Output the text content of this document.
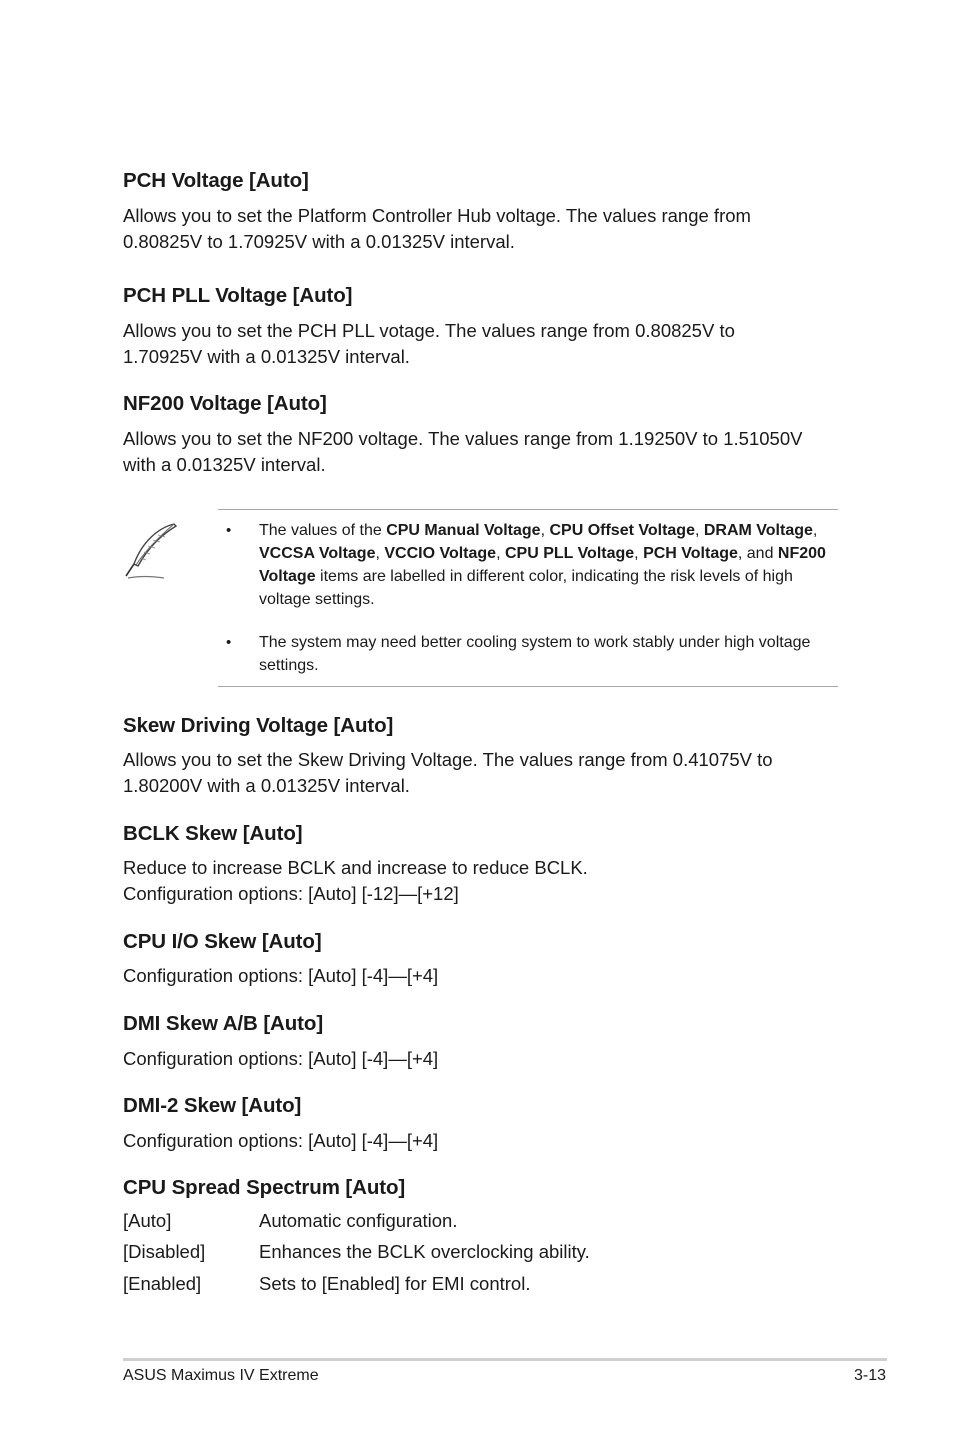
PCH Voltage [Auto]
Allows you to set the Platform Controller Hub voltage. The values range from
0.80825V to 1.70925V with a 0.01325V interval.
PCH PLL Voltage [Auto]
Allows you to set the PCH PLL votage. The values range from 0.80825V to
1.70925V with a 0.01325V interval.
NF200 Voltage [Auto]
Allows you to set the NF200 voltage. The values range from 1.19250V to 1.51050V
with a 0.01325V interval.
• The values of the CPU Manual Voltage, CPU Offset Voltage, DRAM Voltage, VCCSA Voltage, VCCIO Voltage, CPU PLL Voltage, PCH Voltage, and NF200 Voltage items are labelled in different color, indicating the risk levels of high voltage settings.
• The system may need better cooling system to work stably under high voltage settings.
Skew Driving Voltage [Auto]
Allows you to set the Skew Driving Voltage. The values range from 0.41075V to
1.80200V with a 0.01325V interval.
BCLK Skew [Auto]
Reduce to increase BCLK and increase to reduce BCLK.
Configuration options: [Auto] [-12]—[+12]
CPU I/O Skew [Auto]
Configuration options: [Auto] [-4]—[+4]
DMI Skew A/B [Auto]
Configuration options: [Auto] [-4]—[+4]
DMI-2 Skew [Auto]
Configuration options: [Auto] [-4]—[+4]
CPU Spread Spectrum [Auto]
[Auto]	Automatic configuration.
[Disabled]	Enhances the BCLK overclocking ability.
[Enabled]	Sets to [Enabled] for EMI control.
ASUS Maximus IV Extreme	3-13
